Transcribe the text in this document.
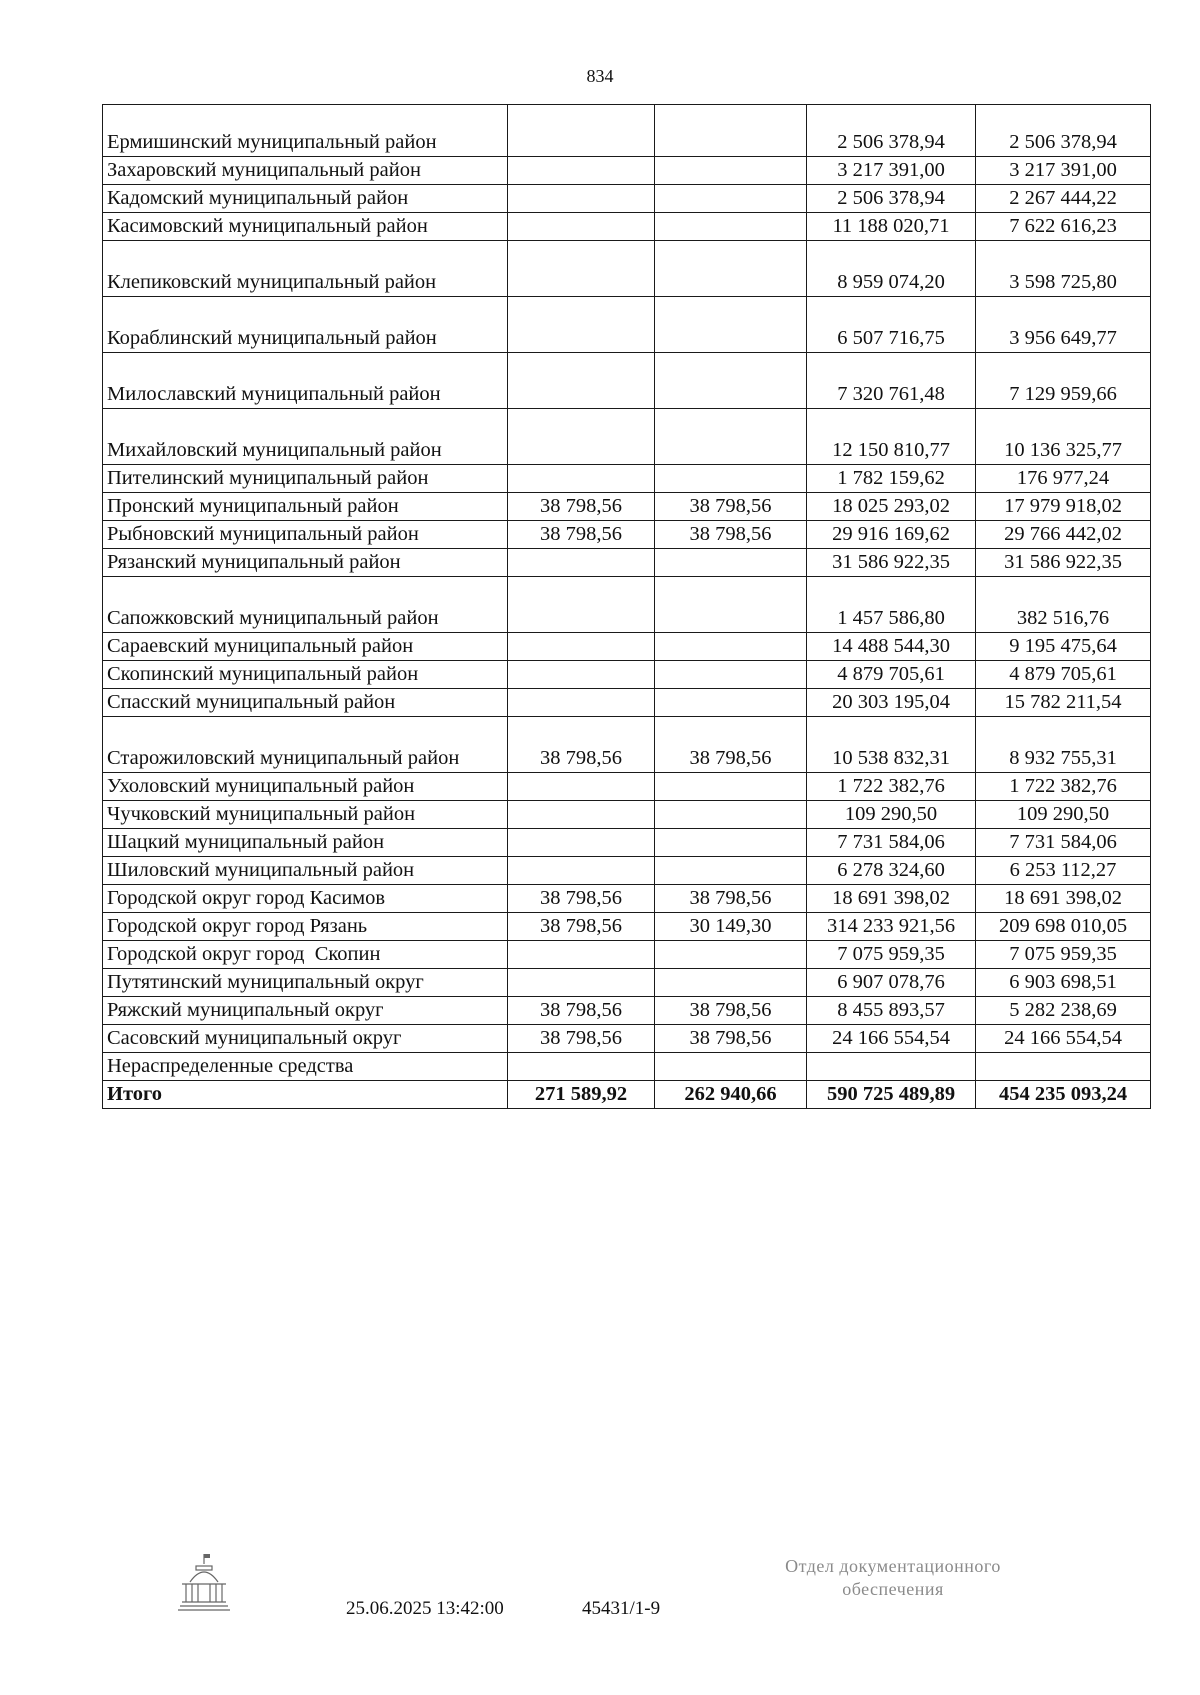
834
Ермишинский муниципальный район			2 506 378,94	2 506 378,94
Захаровский муниципальный район			3 217 391,00	3 217 391,00
Кадомский муниципальный район			2 506 378,94	2 267 444,22
Касимовский муниципальный район			11 188 020,71	7 622 616,23
Клепиковский муниципальный район			8 959 074,20	3 598 725,80
Кораблинский муниципальный район			6 507 716,75	3 956 649,77
Милославский муниципальный район			7 320 761,48	7 129 959,66
Михайловский муниципальный район			12 150 810,77	10 136 325,77
Пителинский муниципальный район			1 782 159,62	176 977,24
Пронский муниципальный район	38 798,56	38 798,56	18 025 293,02	17 979 918,02
Рыбновский муниципальный район	38 798,56	38 798,56	29 916 169,62	29 766 442,02
Рязанский муниципальный район			31 586 922,35	31 586 922,35
Сапожковский муниципальный район			1 457 586,80	382 516,76
Сараевский муниципальный район			14 488 544,30	9 195 475,64
Скопинский муниципальный район			4 879 705,61	4 879 705,61
Спасский муниципальный район			20 303 195,04	15 782 211,54
Старожиловский муниципальный район	38 798,56	38 798,56	10 538 832,31	8 932 755,31
Ухоловский муниципальный район			1 722 382,76	1 722 382,76
Чучковский муниципальный район			109 290,50	109 290,50
Шацкий муниципальный район			7 731 584,06	7 731 584,06
Шиловский муниципальный район			6 278 324,60	6 253 112,27
Городской округ город Касимов	38 798,56	38 798,56	18 691 398,02	18 691 398,02
Городской округ город Рязань	38 798,56	30 149,30	314 233 921,56	209 698 010,05
Городской округ город  Скопин			7 075 959,35	7 075 959,35
Путятинский муниципальный округ			6 907 078,76	6 903 698,51
Ряжский муниципальный округ	38 798,56	38 798,56	8 455 893,57	5 282 238,69
Сасовский муниципальный округ	38 798,56	38 798,56	24 166 554,54	24 166 554,54
Нераспределенные средства				
Итого	271 589,92	262 940,66	590 725 489,89	454 235 093,24
25.06.2025 13:42:00	45431/1-9
Отдел документационного
обеспечения
